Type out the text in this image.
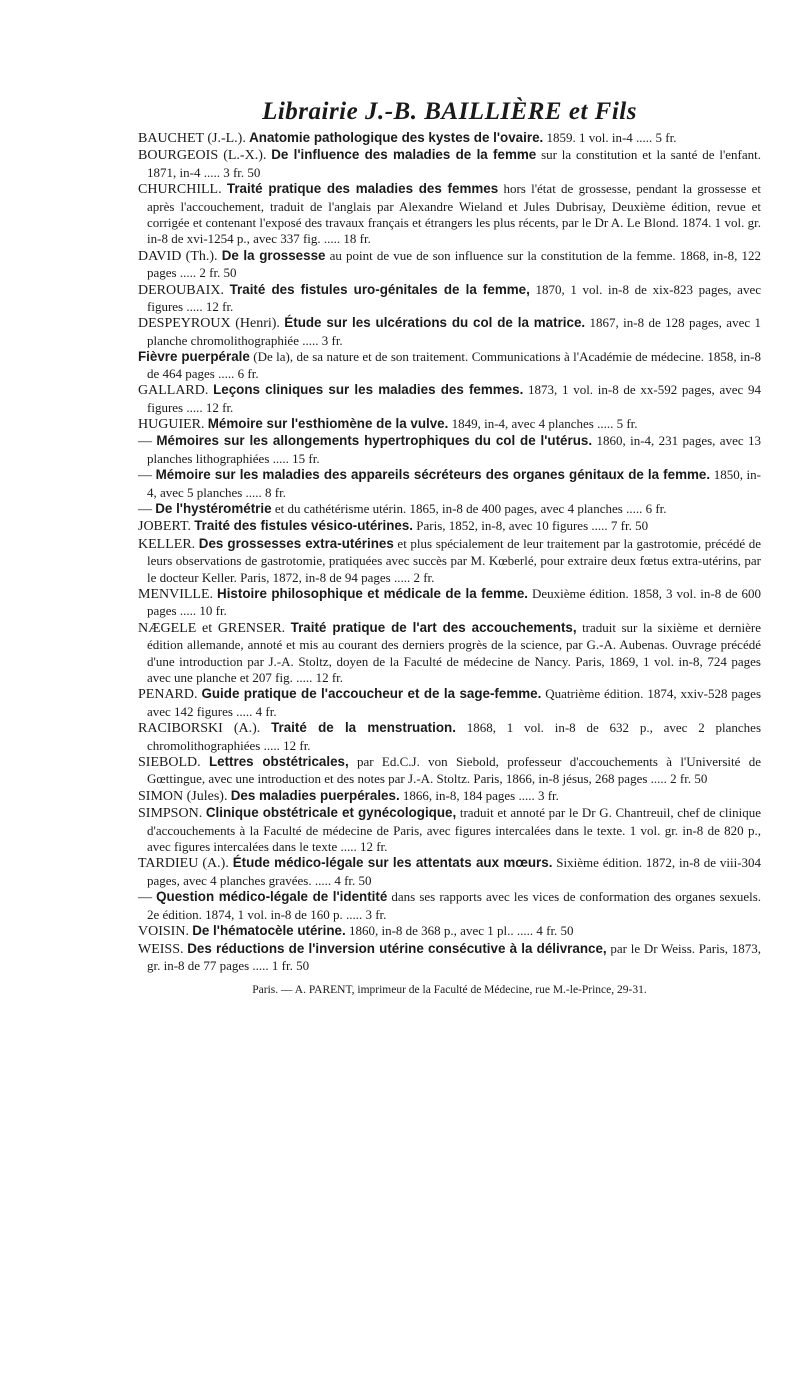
Librairie J.-B. BAILLIÈRE et Fils

BAUCHET (J.-L.). Anatomie pathologique des kystes de l'ovaire. 1859. 1 vol. in-4 ..... 5 fr.

BOURGEOIS (L.-X.). De l'influence des maladies de la femme sur la constitution et la santé de l'enfant. 1871, in-4 ..... 3 fr. 50

CHURCHILL. Traité pratique des maladies des femmes hors l'état de grossesse, pendant la grossesse et après l'accouchement, traduit de l'anglais par Alexandre Wieland et Jules Dubrisay, Deuxième édition, revue et corrigée et contenant l'exposé des travaux français et étrangers les plus récents, par le Dr A. Le Blond. 1874. 1 vol. gr. in-8 de xvi-1254 p., avec 337 fig. ..... 18 fr.

DAVID (Th.). De la grossesse au point de vue de son influence sur la constitution de la femme. 1868, in-8, 122 pages ..... 2 fr. 50

DEROUBAIX. Traité des fistules uro-génitales de la femme, 1870, 1 vol. in-8 de xix-823 pages, avec figures ..... 12 fr.

DESPEYROUX (Henri). Étude sur les ulcérations du col de la matrice. 1867, in-8 de 128 pages, avec 1 planche chromolithographiée ..... 3 fr.

Fièvre puerpérale (De la), de sa nature et de son traitement. Communications à l'Académie de médecine. 1858, in-8 de 464 pages ..... 6 fr.

GALLARD. Leçons cliniques sur les maladies des femmes. 1873, 1 vol. in-8 de xx-592 pages, avec 94 figures ..... 12 fr.

HUGUIER. Mémoire sur l'esthiomène de la vulve. 1849, in-4, avec 4 planches ..... 5 fr.

— Mémoires sur les allongements hypertrophiques du col de l'utérus. 1860, in-4, 231 pages, avec 13 planches lithographiées ..... 15 fr.

— Mémoire sur les maladies des appareils sécréteurs des organes génitaux de la femme. 1850, in-4, avec 5 planches ..... 8 fr.

— De l'hystérométrie et du cathétérisme utérin. 1865, in-8 de 400 pages, avec 4 planches ..... 6 fr.

JOBERT. Traité des fistules vésico-utérines. Paris, 1852, in-8, avec 10 figures ..... 7 fr. 50

KELLER. Des grossesses extra-utérines et plus spécialement de leur traitement par la gastrotomie, précédé de leurs observations de gastrotomie, pratiquées avec succès par M. Kœberlé, pour extraire deux fœtus extra-utérins, par le docteur Keller. Paris, 1872, in-8 de 94 pages ..... 2 fr.

MENVILLE. Histoire philosophique et médicale de la femme. Deuxième édition. 1858, 3 vol. in-8 de 600 pages ..... 10 fr.

NÆGELE et GRENSER. Traité pratique de l'art des accouchements, traduit sur la sixième et dernière édition allemande, annoté et mis au courant des derniers progrès de la science, par G.-A. Aubenas. Ouvrage précédé d'une introduction par J.-A. Stoltz, doyen de la Faculté de médecine de Nancy. Paris, 1869, 1 vol. in-8, 724 pages avec une planche et 207 fig. ..... 12 fr.

PENARD. Guide pratique de l'accoucheur et de la sage-femme. Quatrième édition. 1874, xxiv-528 pages avec 142 figures ..... 4 fr.

RACIBORSKI (A.). Traité de la menstruation. 1868, 1 vol. in-8 de 632 p., avec 2 planches chromolithographiées ..... 12 fr.

SIEBOLD. Lettres obstétricales, par Ed.C.J. von Siebold, professeur d'accouchements à l'Université de Gœttingue, avec une introduction et des notes par J.-A. Stoltz. Paris, 1866, in-8 jésus, 268 pages ..... 2 fr. 50

SIMON (Jules). Des maladies puerpérales. 1866, in-8, 184 pages ..... 3 fr.

SIMPSON. Clinique obstétricale et gynécologique, traduit et annoté par le Dr G. Chantreuil, chef de clinique d'accouchements à la Faculté de médecine de Paris, avec figures intercalées dans le texte. 1 vol. gr. in-8 de 820 p., avec figures intercalées dans le texte ..... 12 fr.

TARDIEU (A.). Étude médico-légale sur les attentats aux mœurs. Sixième édition. 1872, in-8 de viii-304 pages, avec 4 planches gravées. ..... 4 fr. 50

— Question médico-légale de l'identité dans ses rapports avec les vices de conformation des organes sexuels. 2e édition. 1874, 1 vol. in-8 de 160 p. ..... 3 fr.

VOISIN. De l'hématocèle utérine. 1860, in-8 de 368 p., avec 1 pl.. ..... 4 fr. 50

WEISS. Des réductions de l'inversion utérine consécutive à la délivrance, par le Dr Weiss. Paris, 1873, gr. in-8 de 77 pages ..... 1 fr. 50

Paris. — A. PARENT, imprimeur de la Faculté de Médecine, rue M.-le-Prince, 29-31.
